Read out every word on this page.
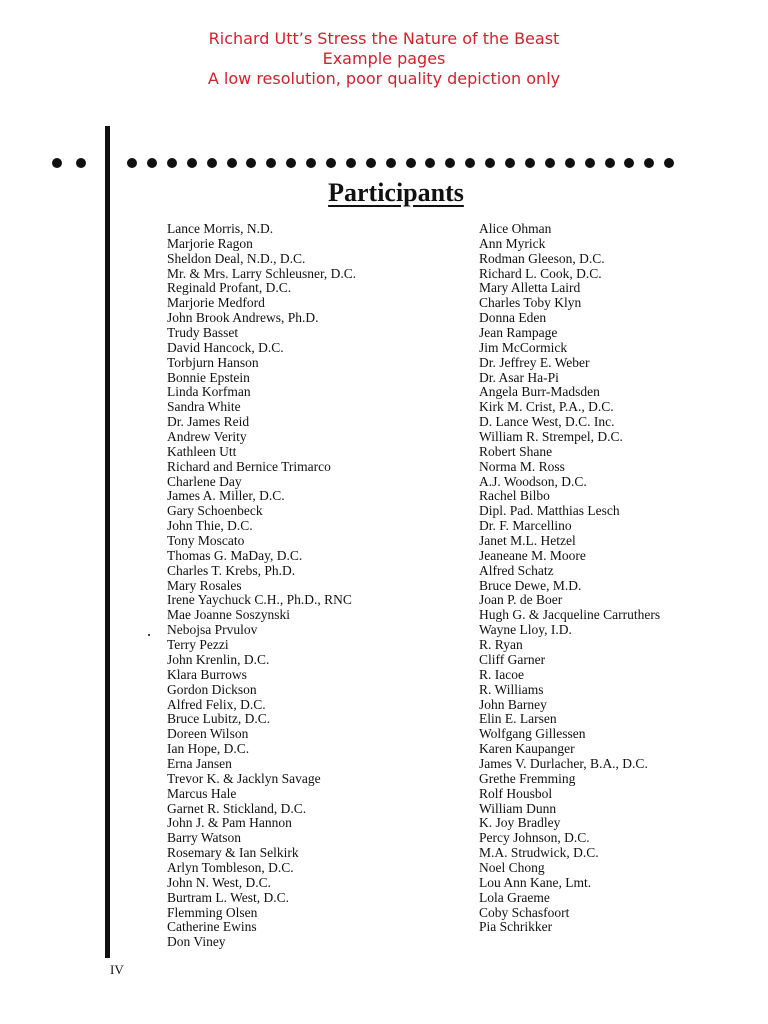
Richard Utt’s Stress the Nature of the Beast
Example pages
A low resolution, poor quality depiction only
Participants
Lance Morris, N.D.
Marjorie Ragon
Sheldon Deal, N.D., D.C.
Mr. & Mrs. Larry Schleusner, D.C.
Reginald Profant, D.C.
Marjorie Medford
John Brook Andrews, Ph.D.
Trudy Basset
David Hancock, D.C.
Torbjurn Hanson
Bonnie Epstein
Linda Korfman
Sandra White
Dr. James Reid
Andrew Verity
Kathleen Utt
Richard and Bernice Trimarco
Charlene Day
James A. Miller, D.C.
Gary Schoenbeck
John Thie, D.C.
Tony Moscato
Thomas G. MaDay, D.C.
Charles T. Krebs, Ph.D.
Mary Rosales
Irene Yaychuck C.H., Ph.D., RNC
Mae Joanne Soszynski
Nebojsa Prvulov
Terry Pezzi
John Krenlin, D.C.
Klara Burrows
Gordon Dickson
Alfred Felix, D.C.
Bruce Lubitz, D.C.
Doreen Wilson
Ian Hope, D.C.
Erna Jansen
Trevor K. & Jacklyn Savage
Marcus Hale
Garnet R. Stickland, D.C.
John J. & Pam Hannon
Barry Watson
Rosemary & Ian Selkirk
Arlyn Tombleson, D.C.
John N. West, D.C.
Burtram L. West, D.C.
Flemming Olsen
Catherine Ewins
Don Viney
Alice Ohman
Ann Myrick
Rodman Gleeson, D.C.
Richard L. Cook, D.C.
Mary Alletta Laird
Charles Toby Klyn
Donna Eden
Jean Rampage
Jim McCormick
Dr. Jeffrey E. Weber
Dr. Asar Ha-Pi
Angela Burr-Madsden
Kirk M. Crist, P.A., D.C.
D. Lance West, D.C. Inc.
William R. Strempel, D.C.
Robert Shane
Norma M. Ross
A.J. Woodson, D.C.
Rachel Bilbo
Dipl. Pad. Matthias Lesch
Dr. F. Marcellino
Janet M.L. Hetzel
Jeaneane M. Moore
Alfred Schatz
Bruce Dewe, M.D.
Joan P. de Boer
Hugh G. & Jacqueline Carruthers
Wayne Lloy, I.D.
R. Ryan
Cliff Garner
R. Iacoe
R. Williams
John Barney
Elin E. Larsen
Wolfgang Gillessen
Karen Kaupanger
James V. Durlacher, B.A., D.C.
Grethe Fremming
Rolf Housbol
William Dunn
K. Joy Bradley
Percy Johnson, D.C.
M.A. Strudwick, D.C.
Noel Chong
Lou Ann Kane, Lmt.
Lola Graeme
Coby Schasfoort
Pia Schrikker
IV
